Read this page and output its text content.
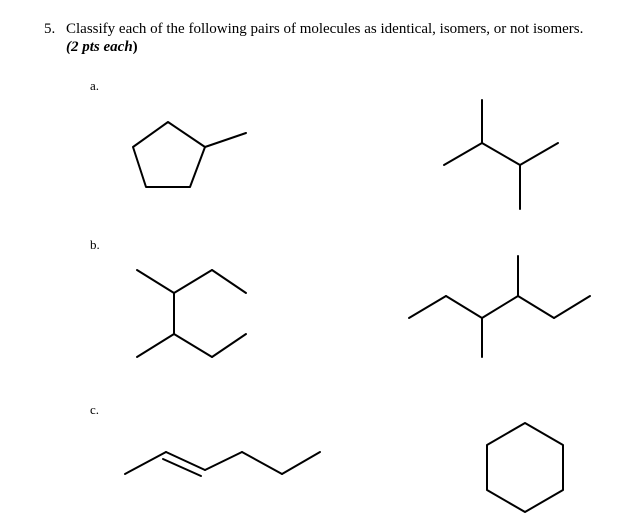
5. Classify each of the following pairs of molecules as identical, isomers, or not isomers.
(2 pts each)
a.
b.
c.
